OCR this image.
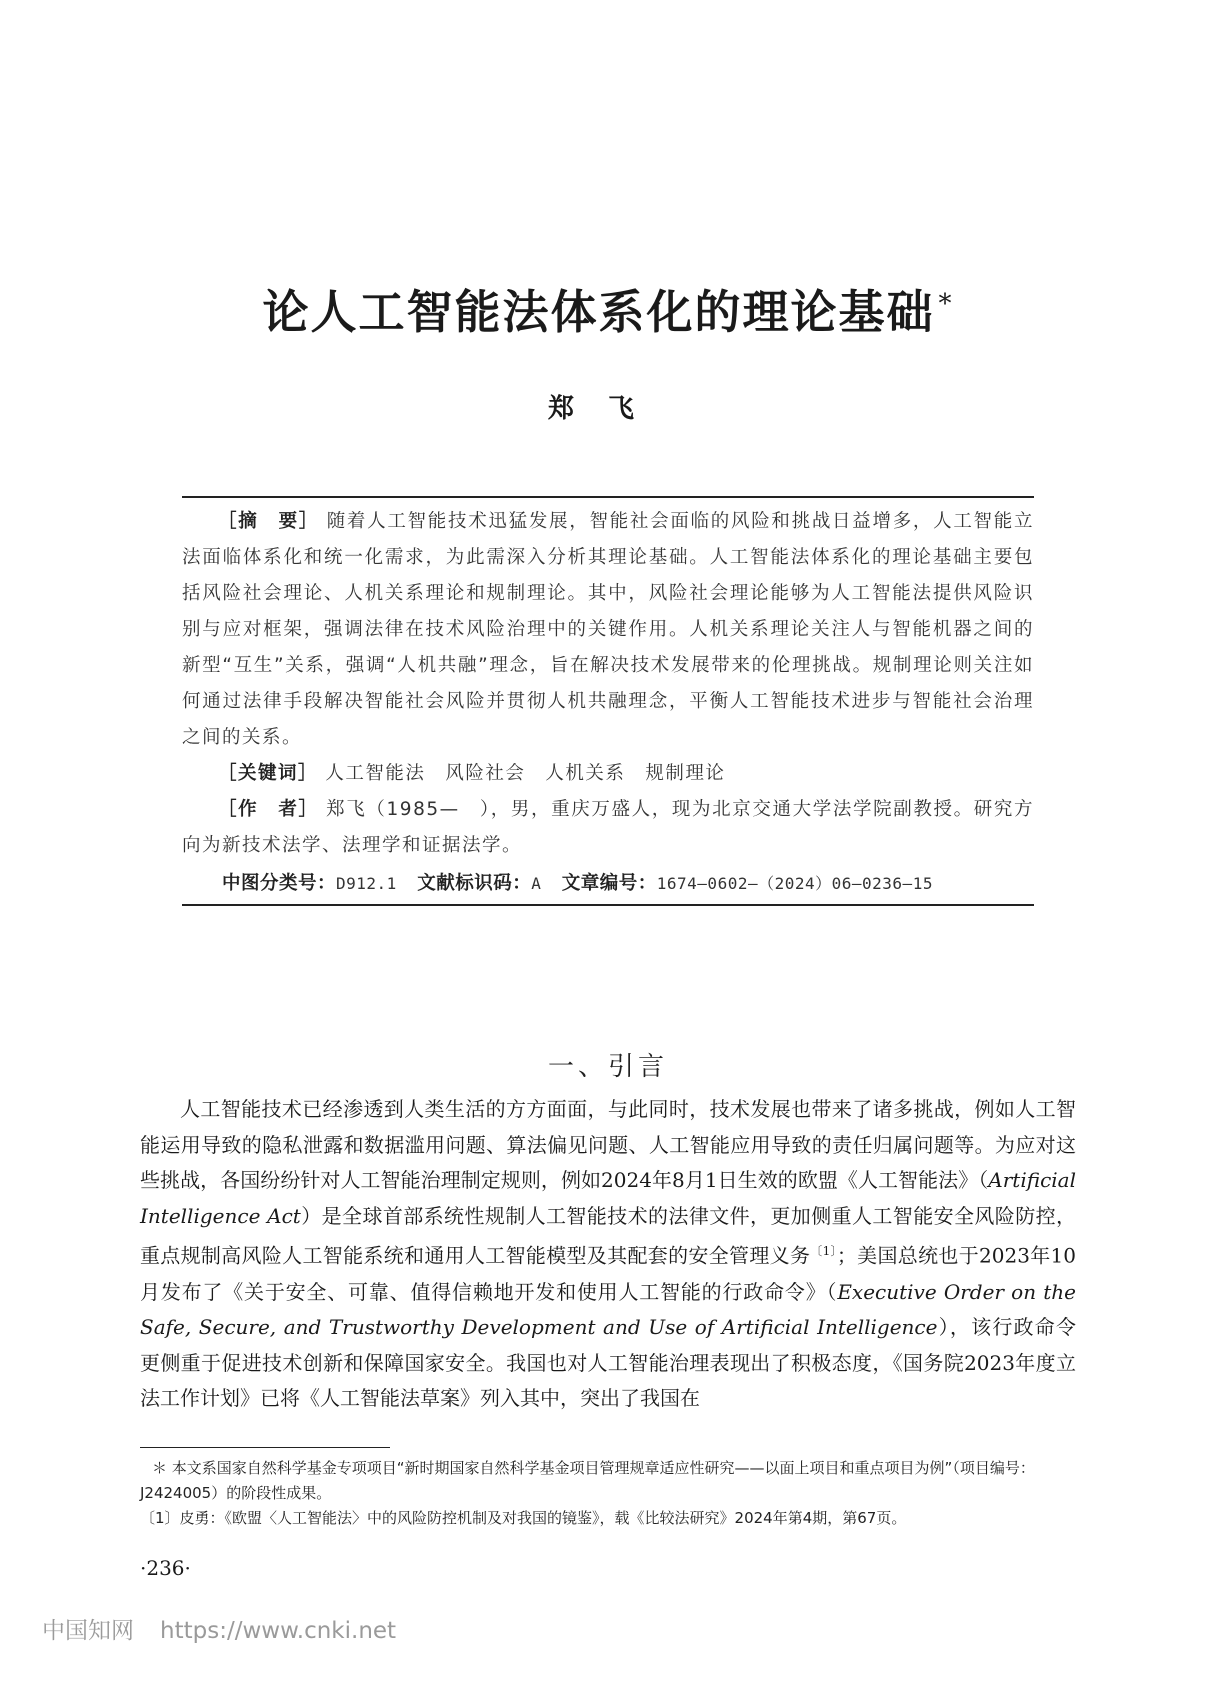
论人工智能法体系化的理论基础 *
郑飞

［摘　要］ 随着人工智能技术迅猛发展，智能社会面临的风险和挑战日益增多，人工智能立法面临体系化和统一化需求，为此需深入分析其理论基础。人工智能法体系化的理论基础主要包括风险社会理论、人机关系理论和规制理论。其中，风险社会理论能够为人工智能法提供风险识别与应对框架，强调法律在技术风险治理中的关键作用。人机关系理论关注人与智能机器之间的新型“互生”关系，强调“人机共融”理念，旨在解决技术发展带来的伦理挑战。规制理论则关注如何通过法律手段解决智能社会风险并贯彻人机共融理念，平衡人工智能技术进步与智能社会治理之间的关系。

［关键词］ 人工智能法　风险社会　人机关系　规制理论

［作　者］ 郑飞（1985—　），男，重庆万盛人，现为北京交通大学法学院副教授。研究方向为新技术法学、法理学和证据法学。

中图分类号：D912.1 文献标识码：A 文章编号：1674—0602—（2024）06—0236—15

一、引言

人工智能技术已经渗透到人类生活的方方面面，与此同时，技术发展也带来了诸多挑战，例如人工智能运用导致的隐私泄露和数据滥用问题、算法偏见问题、人工智能应用导致的责任归属问题等。为应对这些挑战，各国纷纷针对人工智能治理制定规则，例如2024年8月1日生效的欧盟《人工智能法》（Artificial Intelligence Act）是全球首部系统性规制人工智能技术的法律文件，更加侧重人工智能安全风险防控，重点规制高风险人工智能系统和通用人工智能模型及其配套的安全管理义务$^{〔1〕}$；美国总统也于2023年10月发布了《关于安全、可靠、值得信赖地开发和使用人工智能的行政命令》（Executive Order on the Safe, Secure, and Trustworthy Development and Use of Artificial Intelligence），该行政命令更侧重于促进技术创新和保障国家安全。我国也对人工智能治理表现出了积极态度，《国务院2023年度立法工作计划》已将《人工智能法草案》列入其中，突出了我国在

＊ 本文系国家自然科学基金专项项目“新时期国家自然科学基金项目管理规章适应性研究——以面上项目和重点项目为例”（项目编号：J2424005）的阶段性成果。

〔1〕皮勇：《欧盟〈人工智能法〉中的风险防控机制及对我国的镜鉴》，载《比较法研究》2024年第4期，第67页。

·236·
中国知网 https://www.cnki.net
